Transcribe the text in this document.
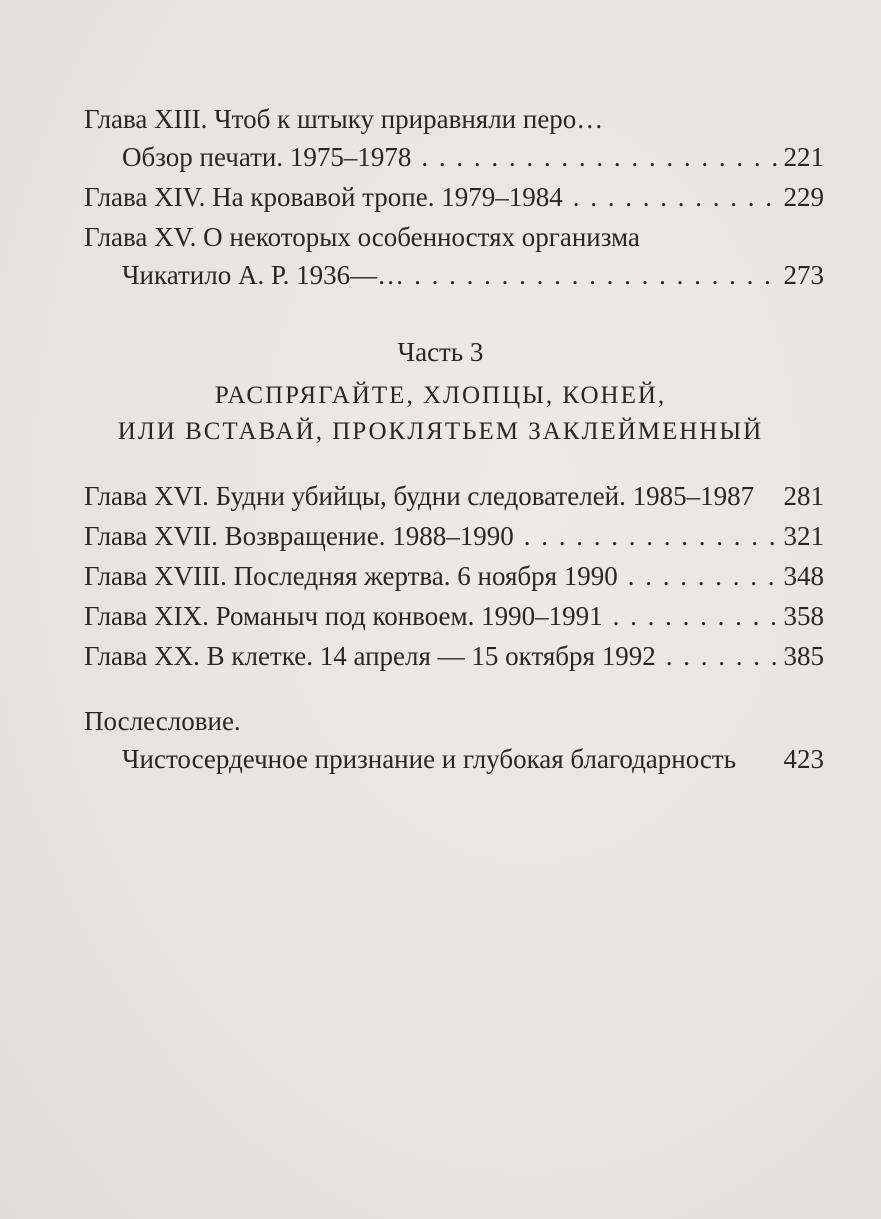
Глава XIII. Чтоб к штыку приравняли перо…
Обзор печати. 1975–1978 . . .	221
Глава XIV. На кровавой тропе. 1979–1984 . . .	229
Глава XV. О некоторых особенностях организма
Чикатило А. Р. 1936—… . . .	273
Часть 3
РАСПРЯГАЙТЕ, ХЛОПЦЫ, КОНЕЙ,
ИЛИ ВСТАВАЙ, ПРОКЛЯТЬЕМ ЗАКЛЕЙМЕННЫЙ
Глава XVI. Будни убийцы, будни следователей. 1985–1987 281
Глава XVII. Возвращение. 1988–1990 . . .	321
Глава XVIII. Последняя жертва. 6 ноября 1990 . . .	348
Глава XIX. Романыч под конвоем. 1990–1991 . . .	358
Глава XX. В клетке. 14 апреля — 15 октября 1992 . . .	385
Послесловие.
Чистосердечное признание и глубокая благодарность 423
